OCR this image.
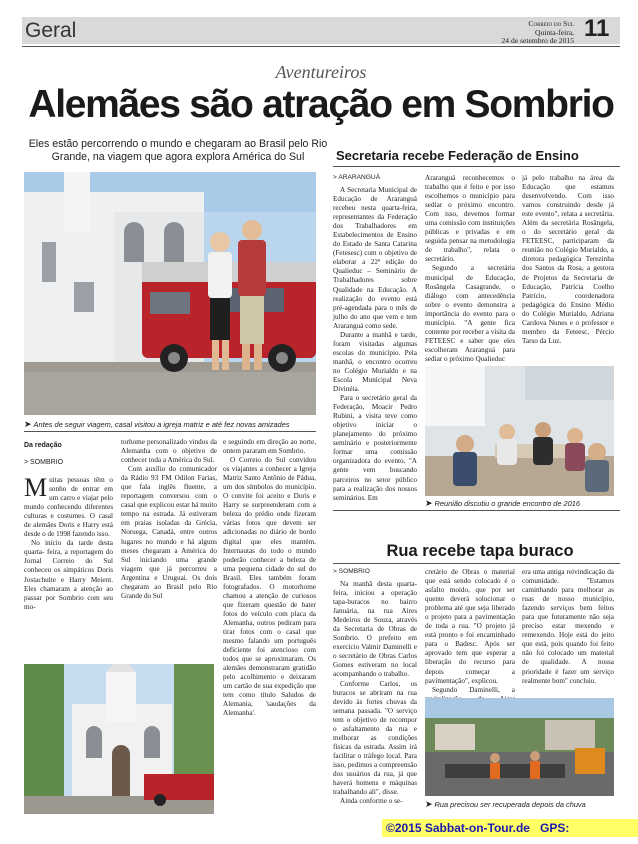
Geral	Correio do Sul
Quinta-feira,
24 de setembro de 2015 11
Aventureiros
Alemães são atração em Sombrio
Eles estão percorrendo o mundo e chegaram ao Brasil pelo Rio Grande, na viagem que agora explora América do Sul	Secretaria recebe Federação de Ensino
➤ Antes de seguir viagem, casal visitou a igreja matriz e até fez novas amizades
Da redação
> SOMBRIO
M uitas pessoas têm o sonho de entrar em um carro e viajar pelo mundo conhecendo diferentes culturas e costumes. O casal de alemães Doris e Harry está desde o de 1998 fazendo isso.

No início da tarde desta quarta- feira, a reportagem do Jornal Correio do Sul conheceu os simpáticos Doris Jostachulte e Harry Meient. Eles chamaram a atenção ao passar por Sombrio com seu mo-

torhome personalizado vindos da Alemanha com o objetivo de conhecer toda a América do Sul.

Com auxílio do comunicador da Rádio 93 FM Odilon Farias, que fala inglês fluente, a reportagem conversou com o casal que explicou estar há muito tempo na estrada. Já estiveram em praias isoladas da Grécia, Noruega, Canadá, entre outros lugares no mundo e há alguns meses chegaram a América do Sul iniciando uma grande viagem que já percorreu a Argentina e Uruguai. Os dois chegaram ao Brasil pelo Rio Grande do Sul

e seguindo em direção ao norte, ontem pararam em Sombrio.

O Correio do Sul convidou os viajantes a conhecer a Igreja Matriz Santo Antônio de Pádua, um dos símbolos do município. O convite foi aceito e Doris e Harry se surpreenderam com a beleza do prédio onde fizeram várias fotos que devem ser adicionadas no diário de bordo digital que eles mantém. Internautas do todo o mundo poderão conhecer a beleza de uma pequena cidade do sul do Brasil. Eles também foram fotografados. O motorhome chamou a atenção de curiosos que fizeram questão de bater fotos do veículo com placa da Alemanha, outros pediram para tirar fotos com o casal que mesmo falando um português deficiente foi atencioso com todos que se aproximaram. Os alemães demonstraram gratidão pelo acolhimento e deixaram um cartão de sua expedição que tem como título Saludos de Alemania, 'saudações da Alemanha'.

> ARARANGUÁ

A Secretaria Municipal de Educação de Araranguá recebeu nesta quarta-feira, representantes da Federação dos Trabalhadores em Estabelecimentos de Ensino do Estado de Santa Catarina (Fetesesc) com o objetivo de elaborar a 22ª edição do Qualieduc – Seminário de Trabalhadores sobre Qualidade na Educação. A realização do evento está pré-agendada para o mês de julho do ano que vem e tem Araranguá como sede.

Durante a manhã e tarde, foram visitadas algumas escolas do município. Pela manhã, o encontro ocorreu no Colégio Murialdo e na Escola Municipal Neva Divinéia.

Para o secretário geral da Federação, Moacir Pedro Rubini, a visita teve como objetivo iniciar o planejamento do próximo seminário e posteriormente formar uma comissão organizadora do evento. "A gente vem buscando parceiros no setor público para a realização dos nossos seminários. Em

Araranguá reconhecemos o trabalho que é feito e por isso escolhemos o município para sediar o próximo encontro. Com isso, devemos formar uma comissão com instituições públicas e privadas e em seguida pensar na metodologia de trabalho", relata o secretário.

Segundo a secretária municipal de Educação, Rosângela Casagrande, o diálogo com antecedência sobre o evento demonstra a importância do evento para o município. "A gente fica contente por receber a visita da FETEESC e saber que eles escolheram Araranguá para sediar o próximo Qualieduc

já pelo trabalho na área da Educação que estamos desenvolvendo. Com isso vamos construindo desde já este evento", relata a secretária. Além da secretária Rosângela, o do secretário geral da FETEESC, participaram da reunião no Colégio Murialdo, a diretora pedagógica Terezinha dos Santos da Rosa, a gestora de Projetos da Secretaria de Educação, Patrícia Coelho Patrício, coordenadora pedagógica do Ensino Médio do Colégio Murialdo, Adriana Cardova Nunes e o professor e membro da Feteesc, Pércio Tarso da Luz.

➤ Reunião discutiu o grande encontro de 2016
Rua recebe tapa buraco
> SOMBRIO

Na manhã desta quarta-feira, iniciou a operação tapa-buracos no bairro Januária, na rua Aires Medeiros de Souza, através da Secretaria de Obras de Sombrio. O prefeito em exercício Valmir Daminelli e o secretário de Obras Carlos Gomes estiveram no local acompanhando o trabalho.

Conforme Carlos, os buracos se abriram na rua devido às fortes chuvas da semana passada. "O serviço tem o objetivo de recompor o asfaltamento da rua e melhorar as condições físicas da estrada. Assim irá facilitar o tráfego local. Para isso, pedimos a compreensão dos usuários da rua, já que haverá homens e máquinas trabalhando ali", disse.

Ainda conforme o se-

cretário de Obras o material que está sendo colocado é o asfalto moído, que por ser quente deverá solucionar o problema até que seja liberado o projeto para a pavimentação de toda a rua. "O projeto já está pronto e foi encaminhado para o Badesc. Após ser aprovado tem que esperar a liberação do recurso para depois começar a pavimentação", explicou.

Segundo Daminelli, a

era uma antiga reivindicação da comunidade. "Estamos caminhando para melhorar as ruas de nosso município, fazendo serviços bem feitos para que futuramente não seja preciso estar mexendo e remexendo. Hoje está do jeito que está, pois quando foi feito não foi colocado um material de qualidade. A nossa prioridade é fazer um serviço realmente bom" concluiu.

➤ Rua precisou ser recuperada depois da chuva
©2015 Sabbat-on-Tour.de   GPS:
